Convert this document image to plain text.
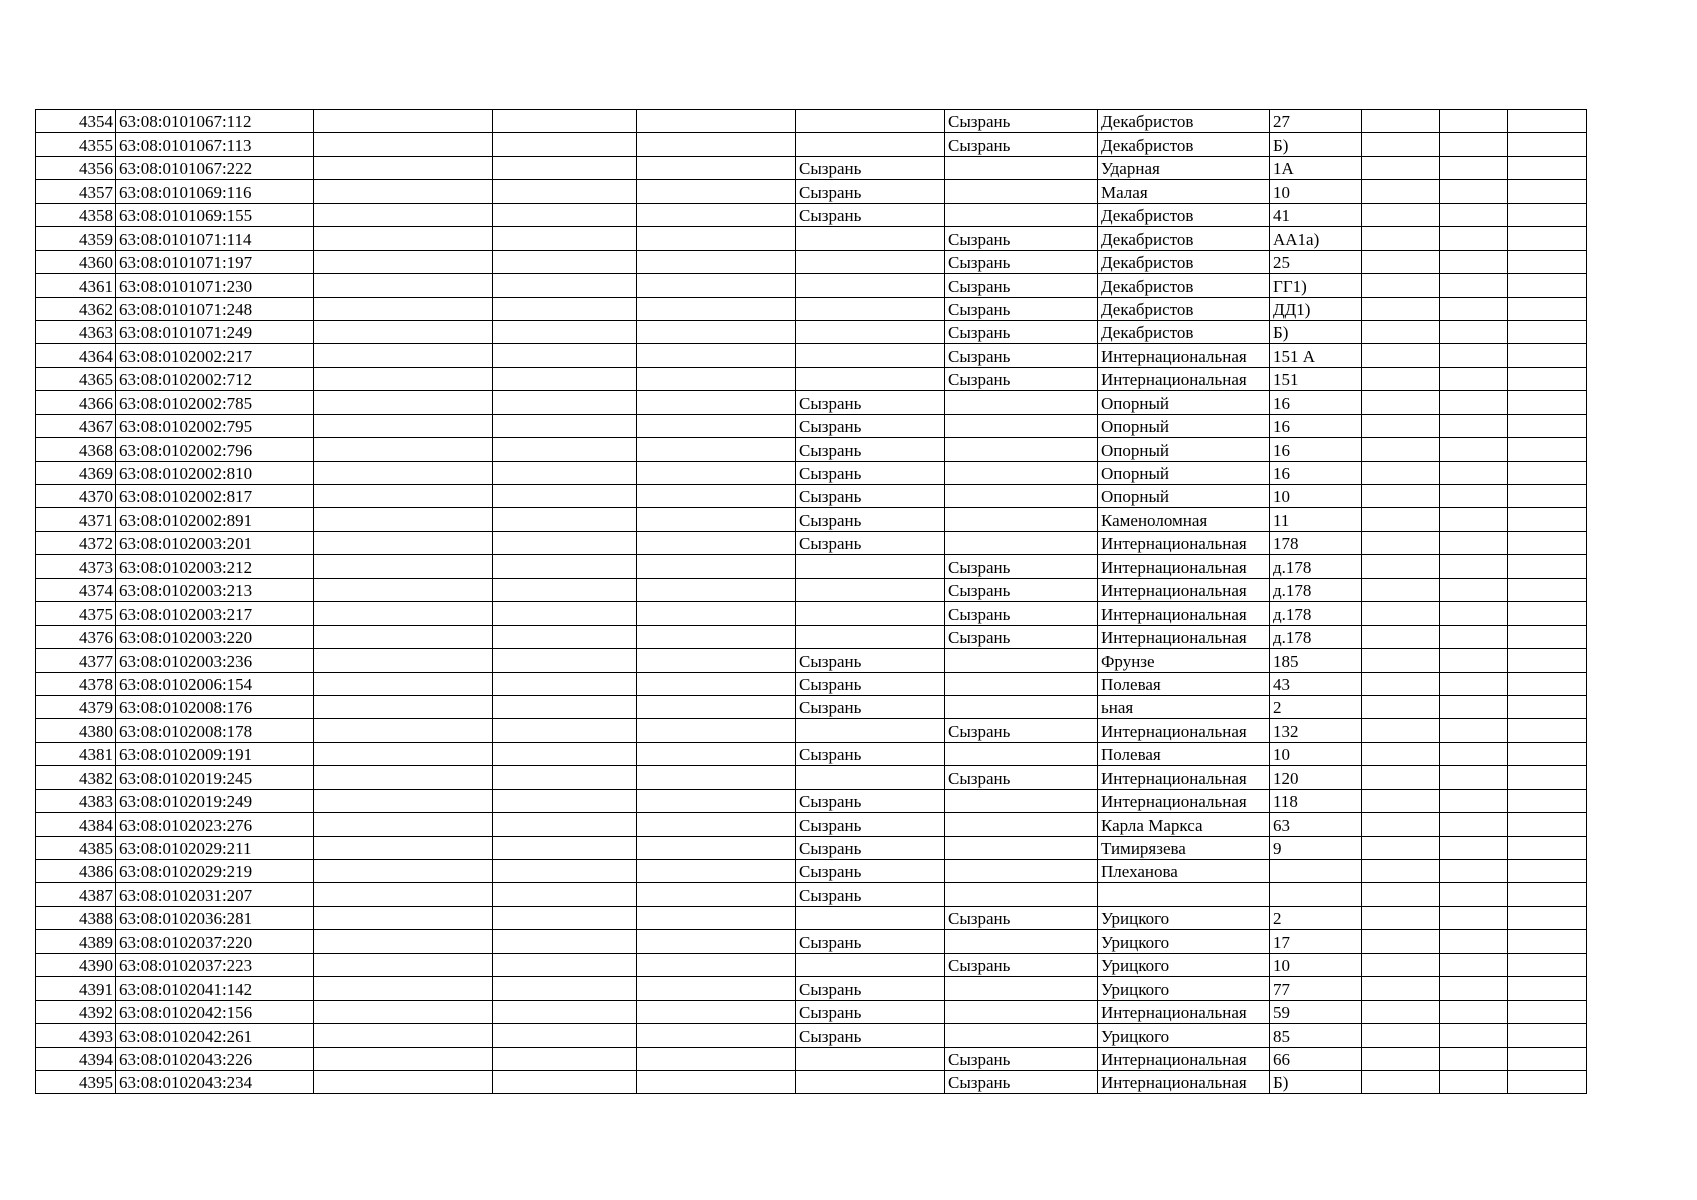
4354	63:08:0101067:112					Сызрань	Декабристов	27			
4355	63:08:0101067:113					Сызрань	Декабристов	Б)			
4356	63:08:0101067:222				Сызрань		Ударная	1А			
4357	63:08:0101069:116				Сызрань		Малая	10			
4358	63:08:0101069:155				Сызрань		Декабристов	41			
4359	63:08:0101071:114					Сызрань	Декабристов	АА1а)			
4360	63:08:0101071:197					Сызрань	Декабристов	25			
4361	63:08:0101071:230					Сызрань	Декабристов	ГГ1)			
4362	63:08:0101071:248					Сызрань	Декабристов	ДД1)			
4363	63:08:0101071:249					Сызрань	Декабристов	Б)			
4364	63:08:0102002:217					Сызрань	Интернациональная	151 А			
4365	63:08:0102002:712					Сызрань	Интернациональная	151			
4366	63:08:0102002:785				Сызрань		Опорный	16			
4367	63:08:0102002:795				Сызрань		Опорный	16			
4368	63:08:0102002:796				Сызрань		Опорный	16			
4369	63:08:0102002:810				Сызрань		Опорный	16			
4370	63:08:0102002:817				Сызрань		Опорный	10			
4371	63:08:0102002:891				Сызрань		Каменоломная	11			
4372	63:08:0102003:201				Сызрань		Интернациональная	178			
4373	63:08:0102003:212					Сызрань	Интернациональная	д.178			
4374	63:08:0102003:213					Сызрань	Интернациональная	д.178			
4375	63:08:0102003:217					Сызрань	Интернациональная	д.178			
4376	63:08:0102003:220					Сызрань	Интернациональная	д.178			
4377	63:08:0102003:236				Сызрань		Фрунзе	185			
4378	63:08:0102006:154				Сызрань		Полевая	43			
4379	63:08:0102008:176				Сызрань		ьная	2			
4380	63:08:0102008:178					Сызрань	Интернациональная	132			
4381	63:08:0102009:191				Сызрань		Полевая	10			
4382	63:08:0102019:245					Сызрань	Интернациональная	120			
4383	63:08:0102019:249				Сызрань		Интернациональная	118			
4384	63:08:0102023:276				Сызрань		Карла Маркса	63			
4385	63:08:0102029:211				Сызрань		Тимирязева	9			
4386	63:08:0102029:219				Сызрань		Плеханова				
4387	63:08:0102031:207				Сызрань						
4388	63:08:0102036:281					Сызрань	Урицкого	2			
4389	63:08:0102037:220				Сызрань		Урицкого	17			
4390	63:08:0102037:223					Сызрань	Урицкого	10			
4391	63:08:0102041:142				Сызрань		Урицкого	77			
4392	63:08:0102042:156				Сызрань		Интернациональная	59			
4393	63:08:0102042:261				Сызрань		Урицкого	85			
4394	63:08:0102043:226					Сызрань	Интернациональная	66			
4395	63:08:0102043:234					Сызрань	Интернациональная	Б)			
